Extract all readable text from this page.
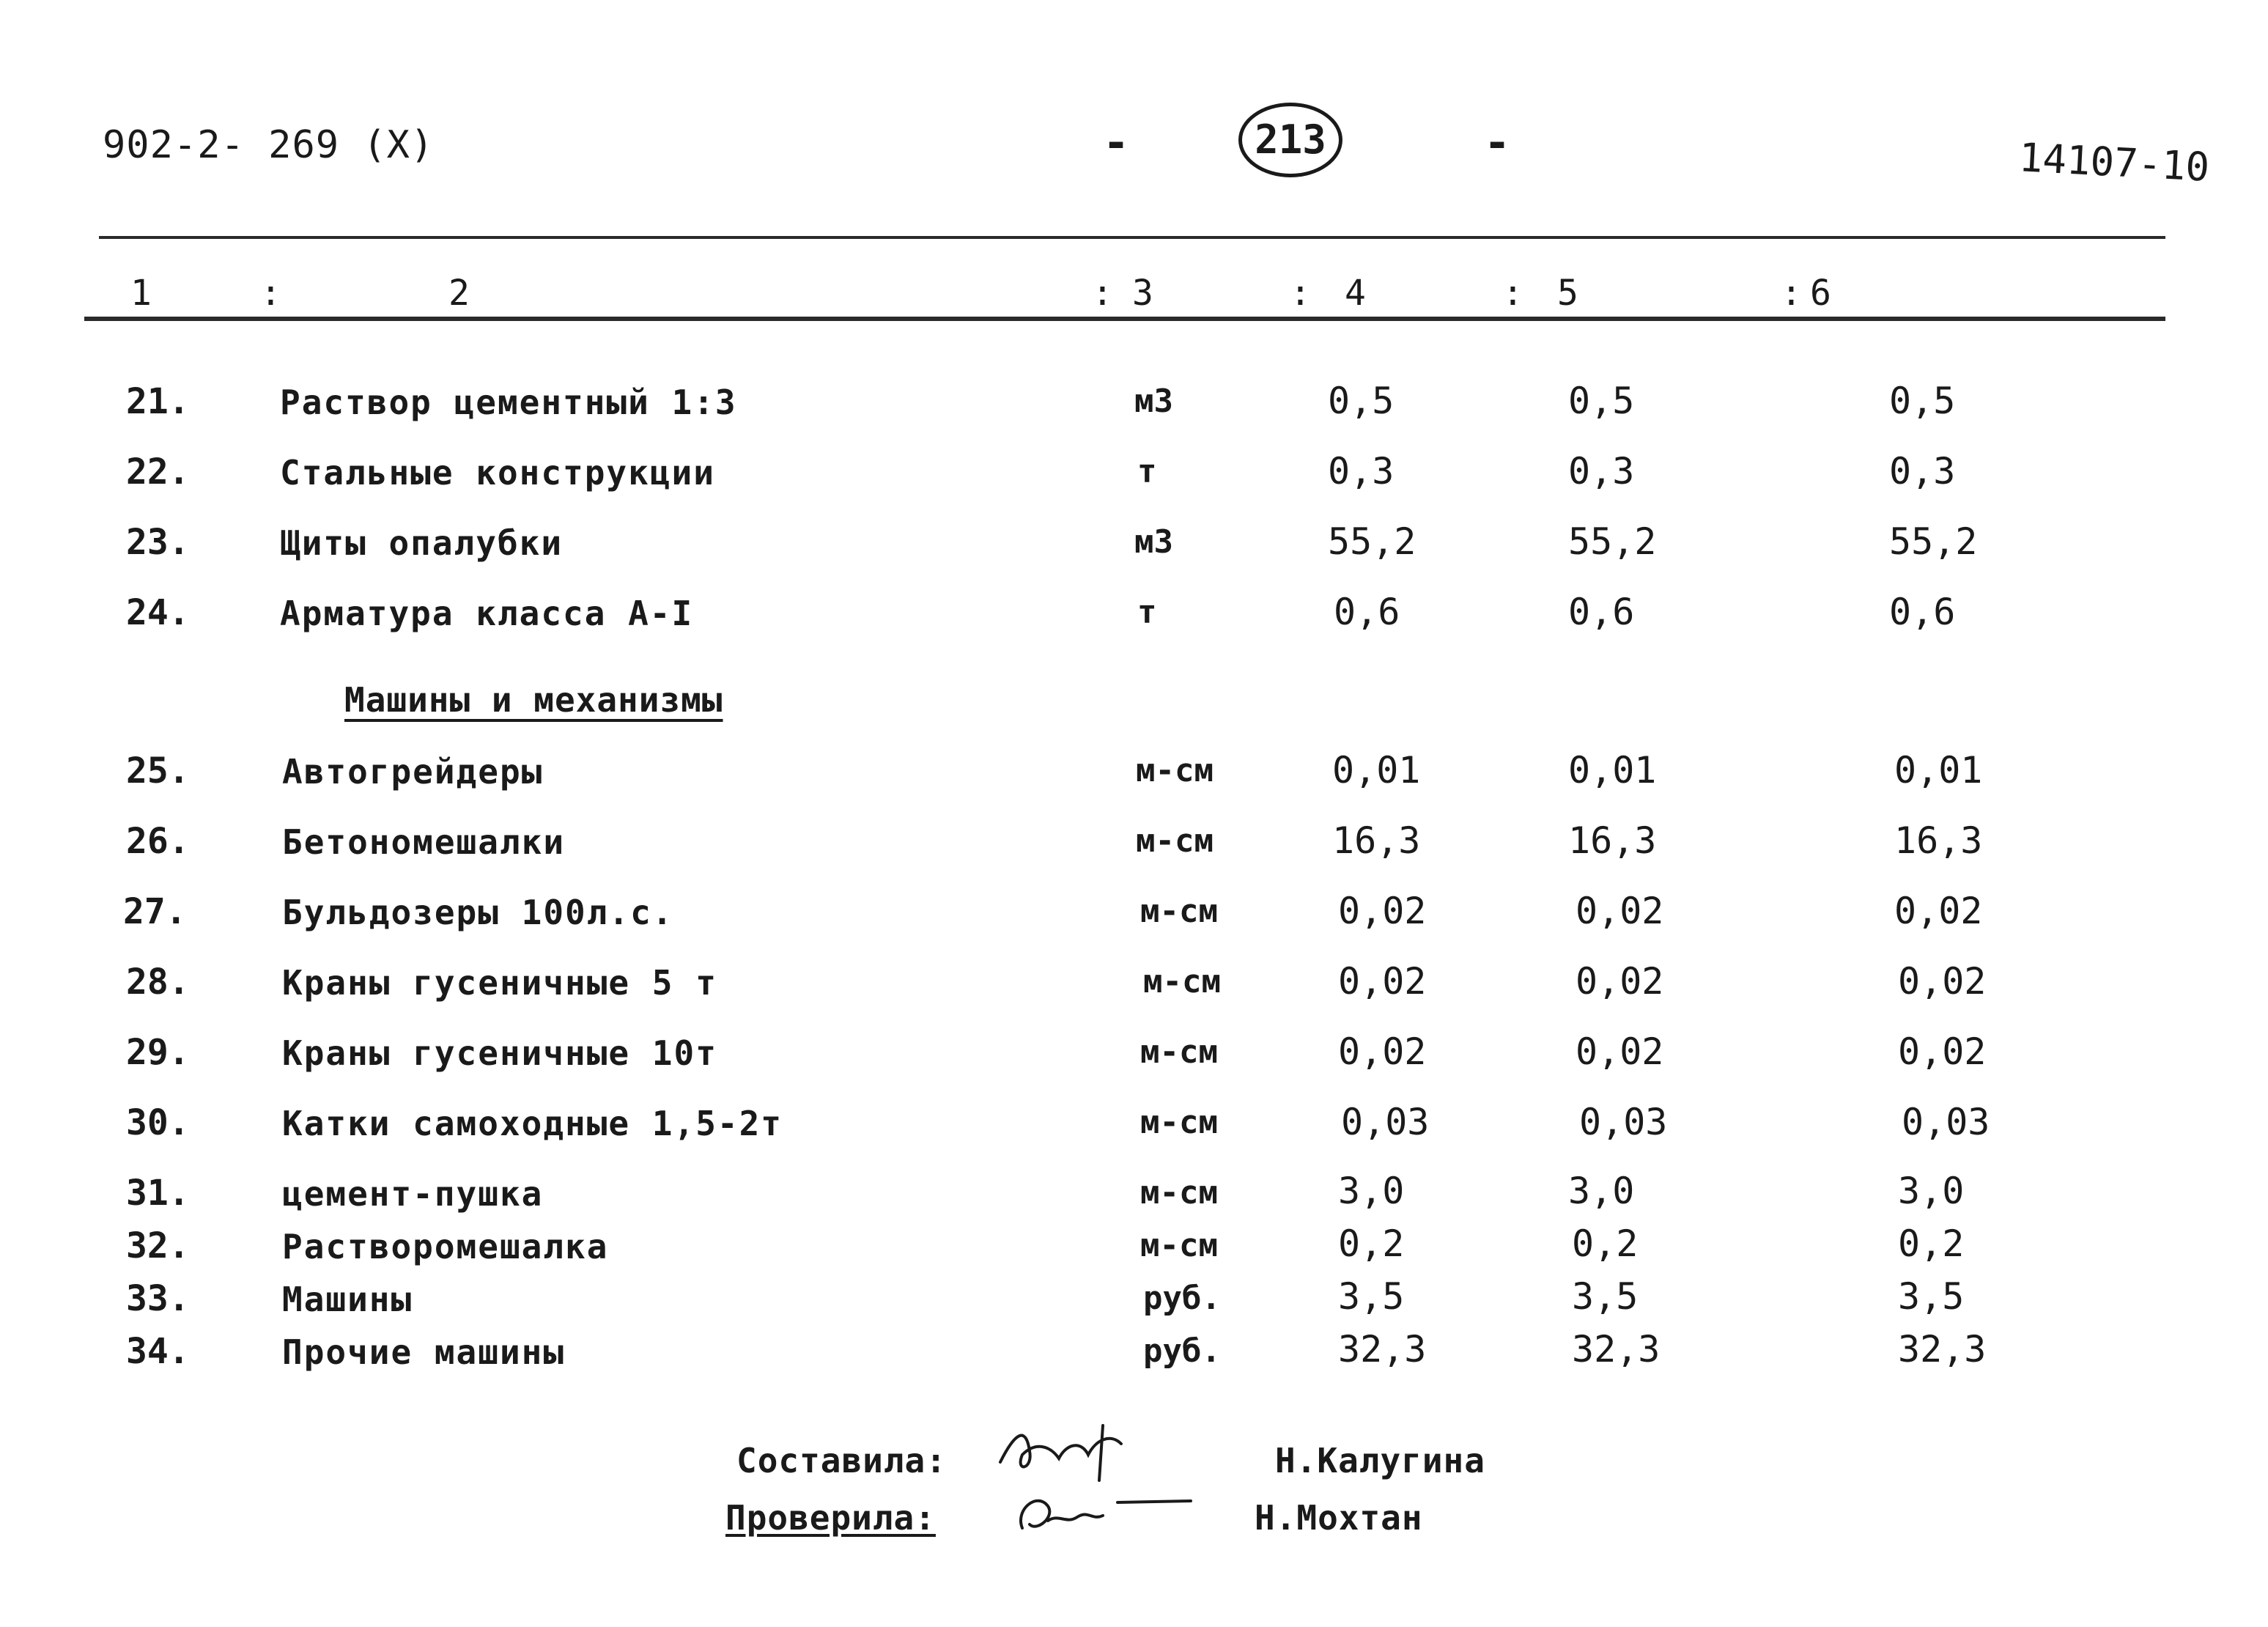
902-2- 269 (X)	-	213	-	14107-10
1	:	2	: 3	: 4	: 5	: 6
21.	Раствор цементный 1:3	м3	0,5	0,5	0,5
22.	Стальные конструкции	т	0,3	0,3	0,3
23.	Щиты опалубки	м3	55,2	55,2	55,2
24.	Арматура класса А-I	т	0,6	0,6	0,6
Машины и механизмы
25.	Автогрейдеры	м-см	0,01	0,01	0,01
26.	Бетономешалки	м-см	16,3	16,3	16,3
27.	Бульдозеры 100л.с.	м-см	0,02	0,02	0,02
28.	Краны гусеничные 5 т	м-см	0,02	0,02	0,02
29.	Краны гусеничные 10т	м-см	0,02	0,02	0,02
30.	Катки самоходные 1,5-2т	м-см	0,03	0,03	0,03
31.	цемент-пушка	м-см	3,0	3,0	3,0
32.	Растворомешалка	м-см	0,2	0,2	0,2
33.	Машины	руб.	3,5	3,5	3,5
34.	Прочие машины	руб.	32,3	32,3	32,3
Составила:	Н.Калугина
Проверила:	Н.Мохтан
